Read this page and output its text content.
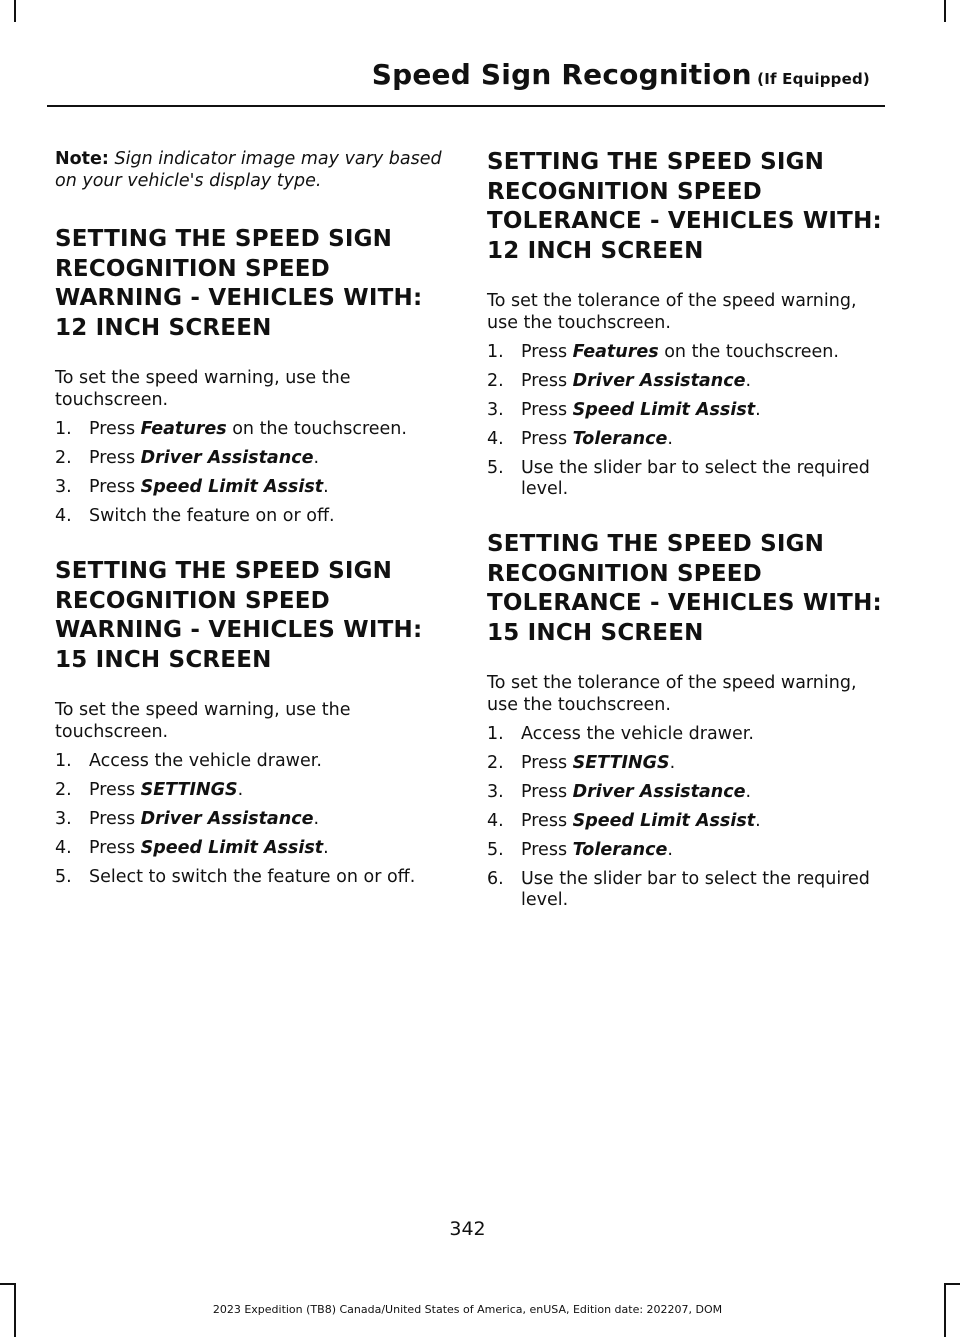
Speed Sign Recognition (If Equipped)

Note: Sign indicator image may vary based on your vehicle's display type.

SETTING THE SPEED SIGN RECOGNITION SPEED WARNING - VEHICLES WITH: 12 INCH SCREEN

To set the speed warning, use the touchscreen.

1. Press Features on the touchscreen.
2. Press Driver Assistance.
3. Press Speed Limit Assist.
4. Switch the feature on or off.
SETTING THE SPEED SIGN RECOGNITION SPEED WARNING - VEHICLES WITH: 15 INCH SCREEN

To set the speed warning, use the touchscreen.

1. Access the vehicle drawer.
2. Press SETTINGS.
3. Press Driver Assistance.
4. Press Speed Limit Assist.
5. Select to switch the feature on or off.
SETTING THE SPEED SIGN RECOGNITION SPEED TOLERANCE - VEHICLES WITH: 12 INCH SCREEN

To set the tolerance of the speed warning, use the touchscreen.

1. Press Features on the touchscreen.
2. Press Driver Assistance.
3. Press Speed Limit Assist.
4. Press Tolerance.
5. Use the slider bar to select the required level.
SETTING THE SPEED SIGN RECOGNITION SPEED TOLERANCE - VEHICLES WITH: 15 INCH SCREEN

To set the tolerance of the speed warning, use the touchscreen.

1. Access the vehicle drawer.
2. Press SETTINGS.
3. Press Driver Assistance.
4. Press Speed Limit Assist.
5. Press Tolerance.
6. Use the slider bar to select the required level.
342
2023 Expedition (TB8) Canada/United States of America, enUSA, Edition date: 202207, DOM
